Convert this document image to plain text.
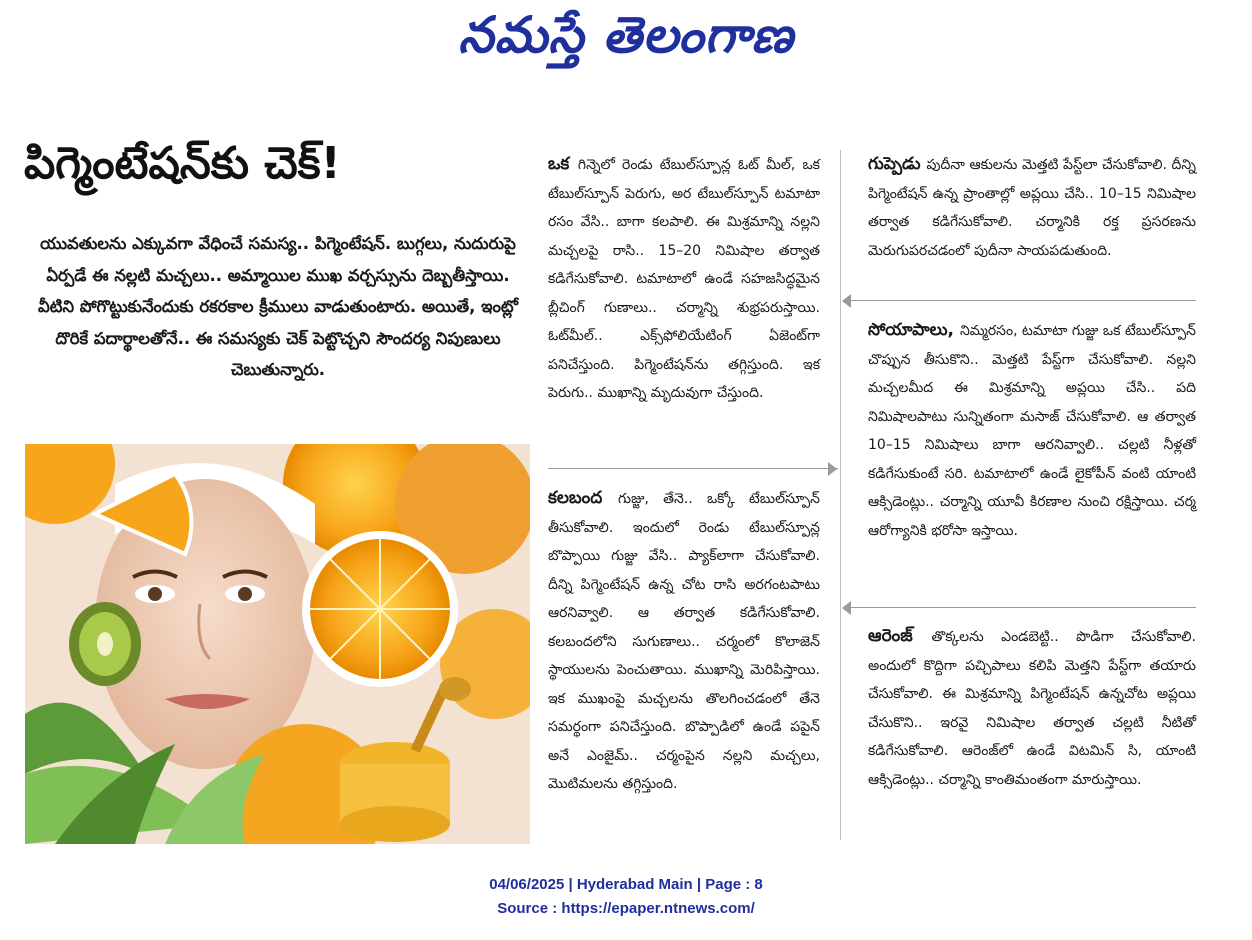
నమస్తే తెలంగాణ
పిగ్మెంటేషన్‌కు చెక్!
యువతులను ఎక్కువగా వేధించే సమస్య.. పిగ్మెంటేషన్. బుగ్గలు, నుదురుపై ఏర్పడే ఈ నల్లటి మచ్చలు.. అమ్మాయిల ముఖ వర్చస్సును దెబ్బతీస్తాయి. వీటిని పోగొట్టుకునేందుకు రకరకాల క్రీములు వాడుతుంటారు. అయితే, ఇంట్లో దొరికే పదార్థాలతోనే.. ఈ సమస్యకు చెక్ పెట్టొచ్చని సౌందర్య నిపుణులు చెబుతున్నారు.
ఒక గిన్నెలో రెండు టేబుల్‌స్పూన్ల ఓట్ మీల్, ఒక టేబుల్‌స్పూన్ పెరుగు, అర టేబుల్‌స్పూన్ టమాటా రసం వేసి.. బాగా కలపాలి. ఈ మిశ్రమాన్ని నల్లని మచ్చలపై రాసి.. 15–20 నిమిషాల తర్వాత కడిగేసుకోవాలి. టమాటాలో ఉండే సహజసిద్ధమైన బ్లీచింగ్ గుణాలు.. చర్మాన్ని శుభ్రపరుస్తాయి. ఓట్‌మీల్.. ఎక్స్‌ఫోలియేటింగ్ ఏజెంట్‌గా పనిచేస్తుంది. పిగ్మెంటేషన్‌ను తగ్గిస్తుంది. ఇక పెరుగు.. ముఖాన్ని మృదువుగా చేస్తుంది.
కలబంద గుజ్జు, తేనె.. ఒక్కో టేబుల్‌స్పూన్ తీసుకోవాలి. ఇందులో రెండు టేబుల్‌స్పూన్ల బొప్పాయి గుజ్జు వేసి.. ప్యాక్‌లాగా చేసుకోవాలి. దీన్ని పిగ్మెంటేషన్ ఉన్న చోట రాసి అరగంటపాటు ఆరనివ్వాలి. ఆ తర్వాత కడిగేసుకోవాలి. కలబందలోని సుగుణాలు.. చర్మంలో కొలాజెన్ స్థాయులను పెంచుతాయి. ముఖాన్ని మెరిపిస్తాయి. ఇక ముఖంపై మచ్చలను తొలగించడంలో తేనె సమర్థంగా పనిచేస్తుంది. బొప్పాడిలో ఉండే పపైన్ అనే ఎంజైమ్.. చర్మంపైన నల్లని మచ్చలు, మొటిమలను తగ్గిస్తుంది.
గుప్పెడు పుదీనా ఆకులను మెత్తటి పేస్ట్‌లా చేసుకోవాలి. దీన్ని పిగ్మెంటేషన్ ఉన్న ప్రాంతాల్లో అప్లయి చేసి.. 10–15 నిమిషాల తర్వాత కడిగేసుకోవాలి. చర్మానికి రక్త ప్రసరణను మెరుగుపరచడంలో పుదీనా సాయపడుతుంది.
సోయాపాలు, నిమ్మరసం, టమాటా గుజ్జు ఒక టేబుల్‌స్పూన్ చొప్పున తీసుకొని.. మెత్తటి పేస్ట్‌గా చేసుకోవాలి. నల్లని మచ్చలమీద ఈ మిశ్రమాన్ని అప్లయి చేసి.. పది నిమిషాలపాటు సున్నితంగా మసాజ్ చేసుకోవాలి. ఆ తర్వాత 10–15 నిమిషాలు బాగా ఆరనివ్వాలి.. చల్లటి నీళ్లతో కడిగేసుకుంటే సరి. టమాటాలో ఉండే లైకోపీన్ వంటి యాంటి ఆక్సిడెంట్లు.. చర్మాన్ని యూవీ కిరణాల నుంచి రక్షిస్తాయి. చర్మ ఆరోగ్యానికి భరోసా ఇస్తాయి.
ఆరెంజ్ తొక్కలను ఎండబెట్టి.. పొడిగా చేసుకోవాలి. అందులో కొద్దిగా పచ్చిపాలు కలిపి మెత్తని పేస్ట్‌గా తయారు చేసుకోవాలి. ఈ మిశ్రమాన్ని పిగ్మెంటేషన్ ఉన్నచోట అప్లయి చేసుకొని.. ఇరవై నిమిషాల తర్వాత చల్లటి నీటితో కడిగేసుకోవాలి. ఆరెంజ్‌లో ఉండే విటమిన్ సి, యాంటి ఆక్సిడెంట్లు.. చర్మాన్ని కాంతిమంతంగా మారుస్తాయి.
04/06/2025 | Hyderabad Main | Page : 8
Source : https://epaper.ntnews.com/
